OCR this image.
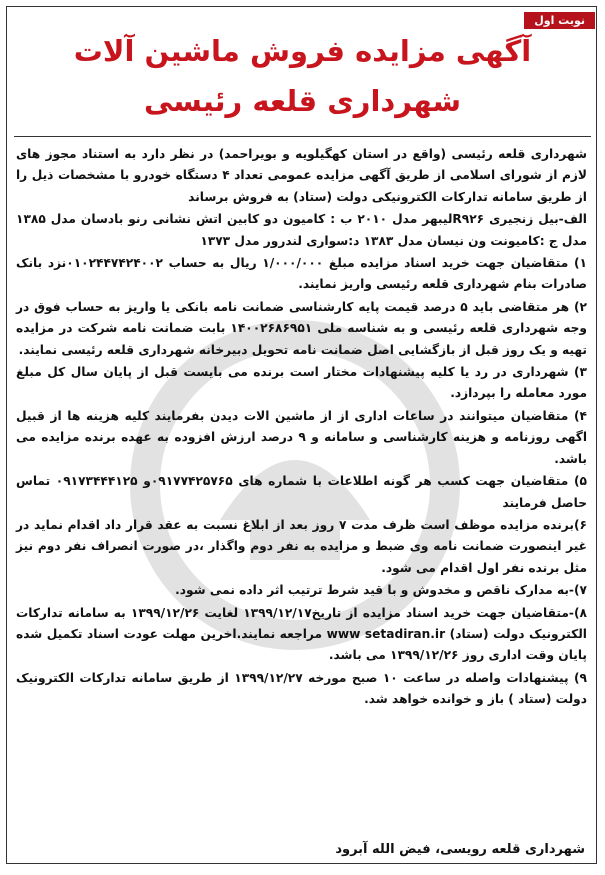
نوبت اول
آگهی مزایده فروش ماشین آلات
شهرداری قلعه رئیسی

شهرداری قلعه رئیسی (واقع در استان کهگیلویه و بویراحمد) در نظر دارد به استناد مجوز های لازم از شورای اسلامی از طریق آگهی مزایده عمومی تعداد ۴ دستگاه خودرو با مشخصات ذیل را از طریق سامانه تدارکات الکترونیکی دولت (ستاد) به فروش برساند

الف-بیل زنجیری R۹۲۶لیبهر مدل ۲۰۱۰ ب : کامیون دو کابین اتش نشانی رنو بادسان مدل ۱۳۸۵ مدل ج :کامیونت ون نیسان مدل ۱۳۸۳ د:سواری لندرور مدل ۱۳۷۳

۱) متقاضیان جهت خرید اسناد مزایده مبلغ ۱/۰۰۰/۰۰۰ ریال به حساب ۰۱۰۲۴۴۷۴۲۴۰۰۲نزد بانک صادرات بنام شهرداری قلعه رئیسی واریز نمایند.

۲) هر متقاضی باید ۵ درصد قیمت پایه کارشناسی ضمانت نامه بانکی یا واریز به حساب فوق در وجه شهرداری قلعه رئیسی و به شناسه ملی ۱۴۰۰۲۶۸۶۹۵۱ بابت ضمانت نامه شرکت در مزایده تهیه و یک روز قبل از بازگشایی اصل ضمانت نامه تحویل دبیرخانه شهرداری قلعه رئیسی نمایند.

۳) شهرداری در رد یا کلیه پیشنهادات مختار است برنده می بایست قبل از پایان سال کل مبلغ مورد معامله را بپردازد.

۴) متقاضیان میتوانند در ساعات اداری از از ماشین الات دیدن بفرمایند کلیه هزینه ها از قبیل اگهی روزنامه و هزینه کارشناسی و سامانه و ۹ درصد ارزش افزوده به عهده برنده مزایده می باشد.

۵) متقاضیان جهت کسب هر گونه اطلاعات با شماره های ۰۹۱۷۷۴۲۵۷۶۵و ۰۹۱۷۳۴۴۴۱۲۵ تماس حاصل فرمایند

۶)برنده مزایده موظف است ظرف مدت ۷ روز بعد از ابلاغ نسبت به عقد قرار داد اقدام نماید در غیر اینصورت ضمانت نامه وی ضبط و مزایده به نفر دوم واگذار ،در صورت انصراف نفر دوم نیز مثل برنده نفر اول اقدام می شود.

۷)-به مدارک ناقص و مخدوش و با قید شرط ترتیب اثر داده نمی شود.

۸)-متقاضیان جهت خرید اسناد مزایده از تاریخ۱۳۹۹/۱۲/۱۷ لغایت ۱۳۹۹/۱۲/۲۶ به سامانه تدارکات الکترونیک دولت (ستاد) www setadiran.ir مراجعه نمایند.اخرین مهلت عودت اسناد تکمیل شده پایان وقت اداری روز ۱۳۹۹/۱۲/۲۶ می باشد.

۹) پیشنهادات واصله در ساعت ۱۰ صبح مورخه ۱۳۹۹/۱۲/۲۷ از طریق سامانه تدارکات الکترونیک دولت (ستاد ) باز و خوانده خواهد شد.

شهرداری قلعه رویسی، فیض الله آبرود
